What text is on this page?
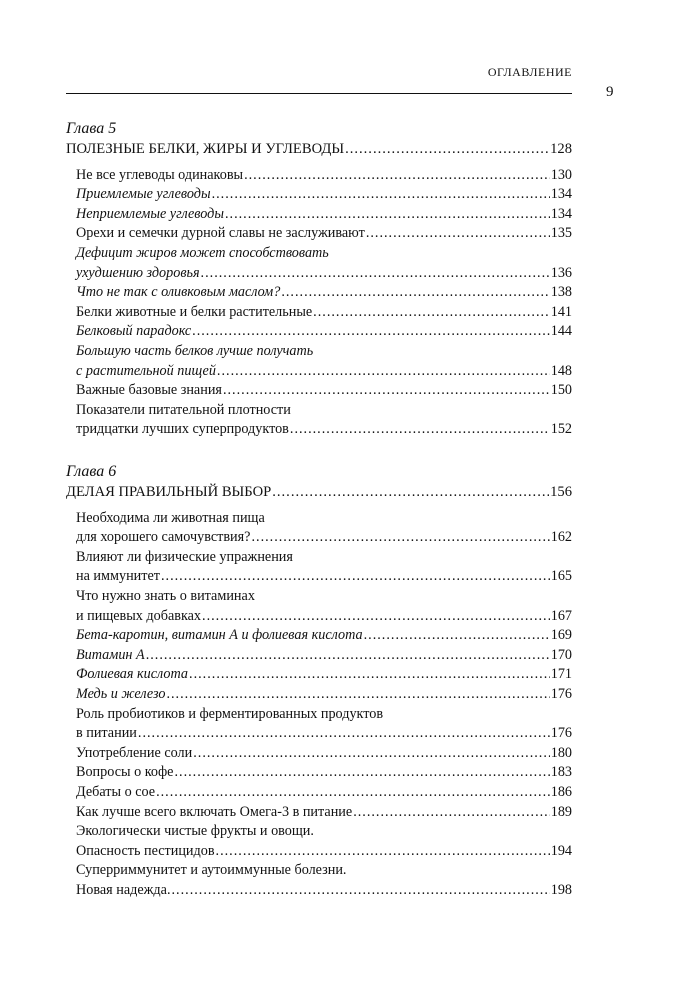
ОГЛАВЛЕНИЕ
9
Глава 5
ПОЛЕЗНЫЕ БЕЛКИ, ЖИРЫ И УГЛЕВОДЫ .....	128
Не все углеводы одинаковы .....	130
Приемлемые углеводы .....	134
Неприемлемые углеводы .....	134
Орехи и семечки дурной славы не заслуживают .....	135
Дефицит жиров может способствовать
ухудшению здоровья .....	136
Что не так с оливковым маслом? .....	138
Белки животные и белки растительные .....	141
Белковый парадокс .....	144
Большую часть белков лучше получать
с растительной пищей .....	148
Важные базовые знания .....	150
Показатели питательной плотности
тридцатки лучших суперпродуктов .....	152
Глава 6
ДЕЛАЯ ПРАВИЛЬНЫЙ ВЫБОР .....	156
Необходима ли животная пища
для хорошего самочувствия? .....	162
Влияют ли физические упражнения
на иммунитет .....	165
Что нужно знать о витаминах
и пищевых добавках .....	167
Бета-каротин, витамин А и фолиевая кислота .....	169
Витамин А .....	170
Фолиевая кислота .....	171
Медь и железо .....	176
Роль пробиотиков и ферментированных продуктов
в питании .....	176
Употребление соли .....	180
Вопросы о кофе .....	183
Дебаты о сое .....	186
Как лучше всего включать Омега-3 в питание .....	189
Экологически чистые фрукты и овощи.
Опасность пестицидов .....	194
Суперриммунитет и аутоиммунные болезни.
Новая надежда. .....	198
